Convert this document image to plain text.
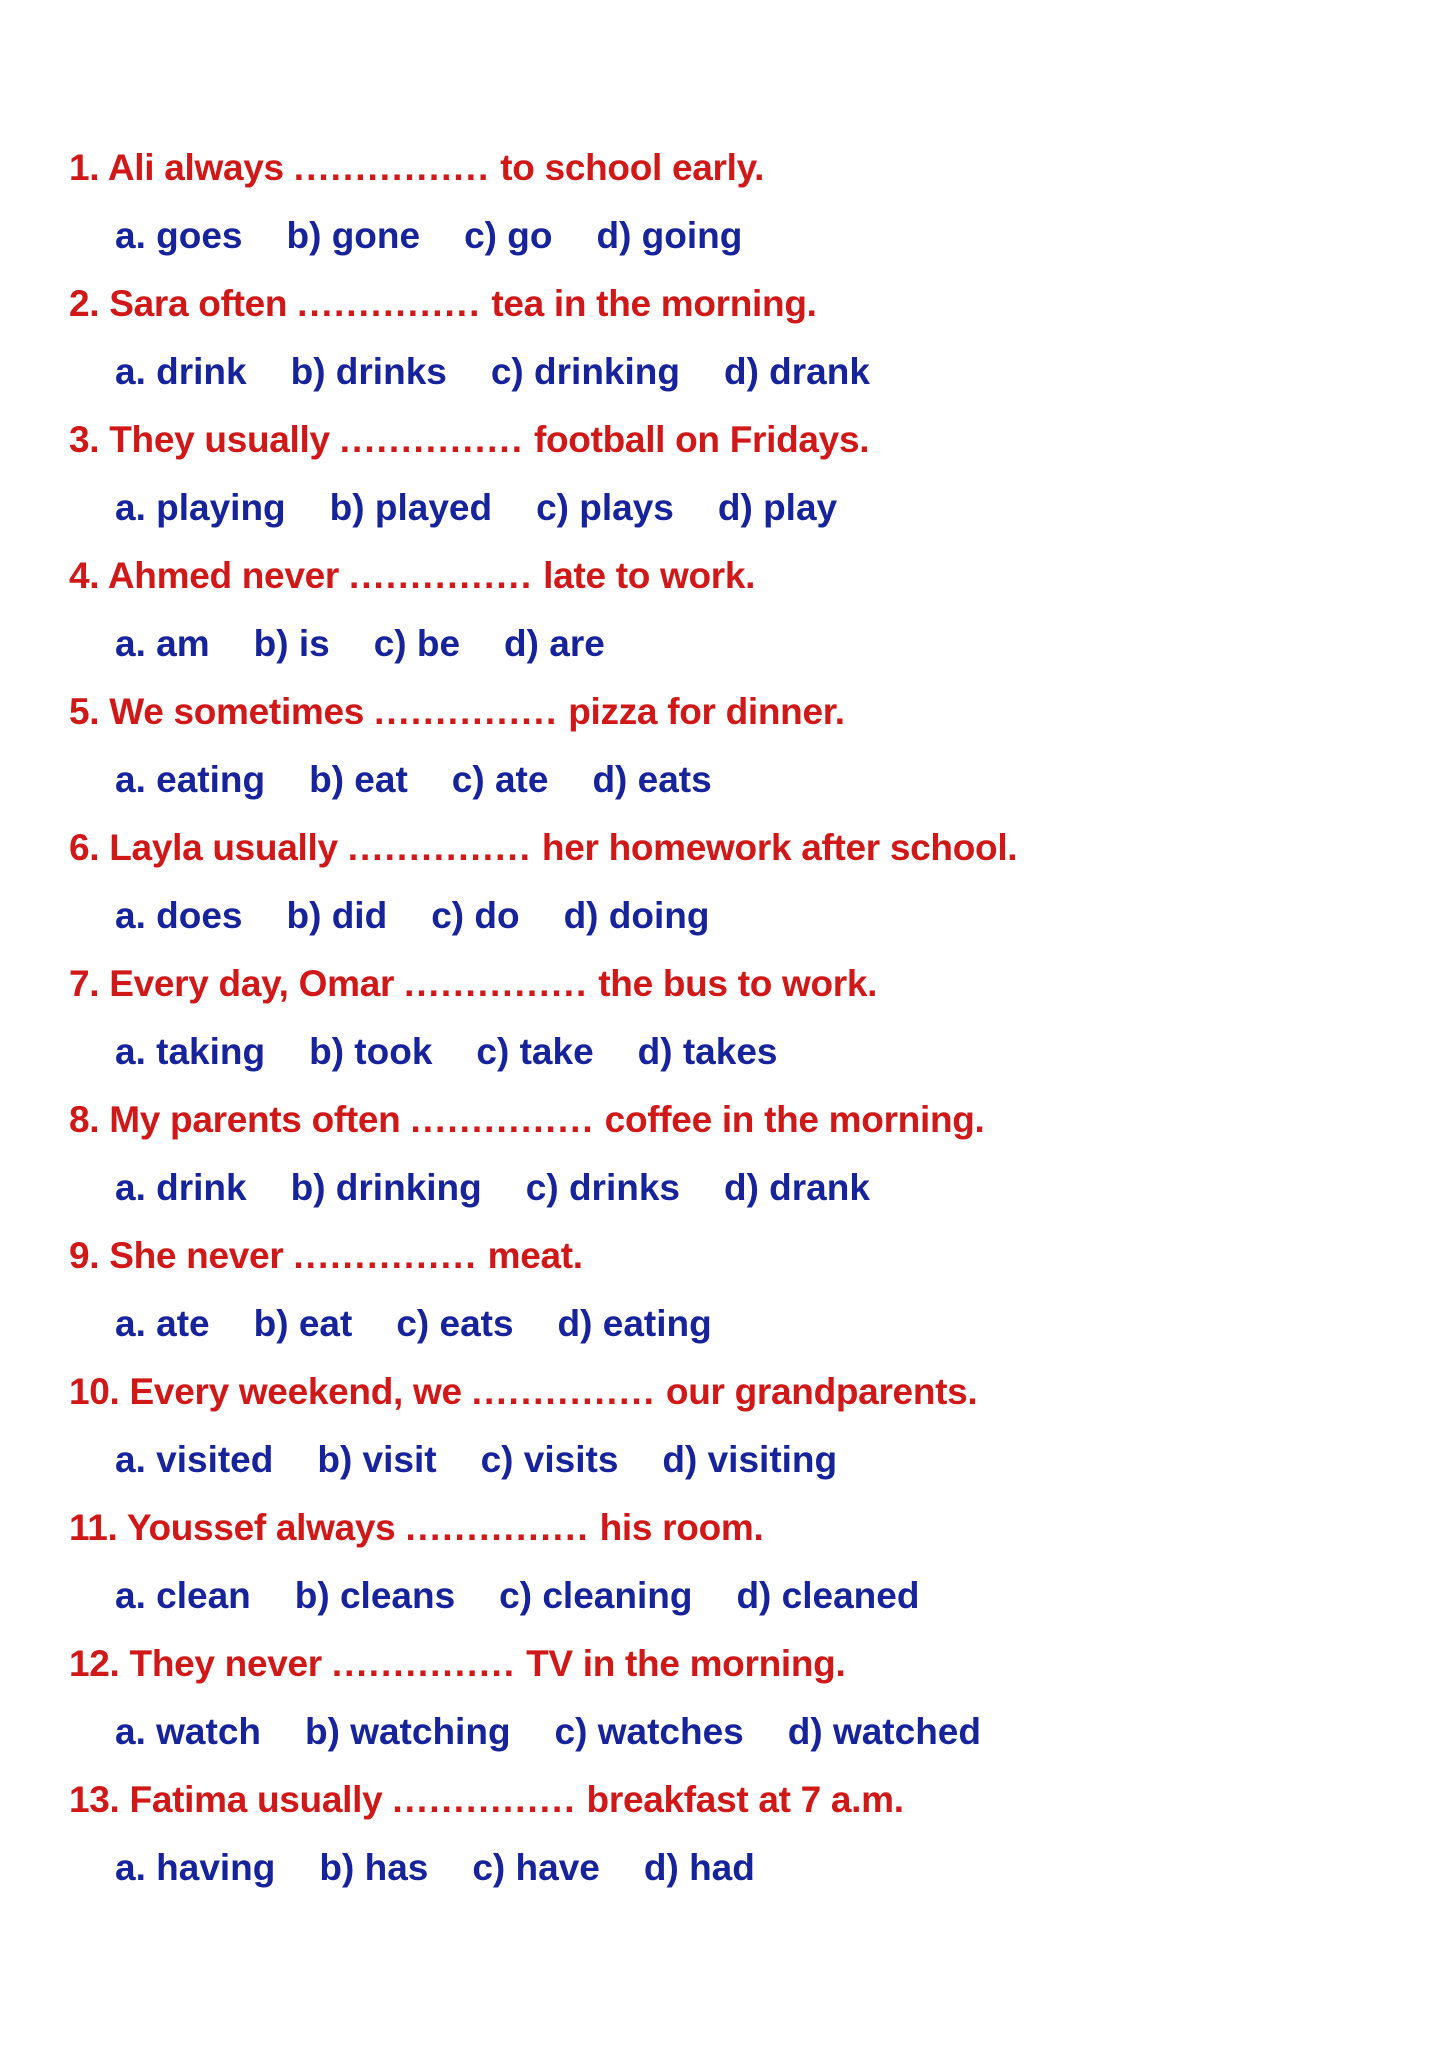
1. Ali always ................ to school early.
a. goes b) gone c) go d) going
2. Sara often ............... tea in the morning.
a. drink b) drinks c) drinking d) drank
3. They usually ............... football on Fridays.
a. playing b) played c) plays d) play
4. Ahmed never ............... late to work.
a. am b) is c) be d) are
5. We sometimes ............... pizza for dinner.
a. eating b) eat c) ate d) eats
6. Layla usually ............... her homework after school.
a. does b) did c) do d) doing
7. Every day, Omar ............... the bus to work.
a. taking b) took c) take d) takes
8. My parents often ............... coffee in the morning.
a. drink b) drinking c) drinks d) drank
9. She never ............... meat.
a. ate b) eat c) eats d) eating
10. Every weekend, we ............... our grandparents.
a. visited b) visit c) visits d) visiting
11. Youssef always ............... his room.
a. clean b) cleans c) cleaning d) cleaned
12. They never ............... TV in the morning.
a. watch b) watching c) watches d) watched
13. Fatima usually ............... breakfast at 7 a.m.
a. having b) has c) have d) had
